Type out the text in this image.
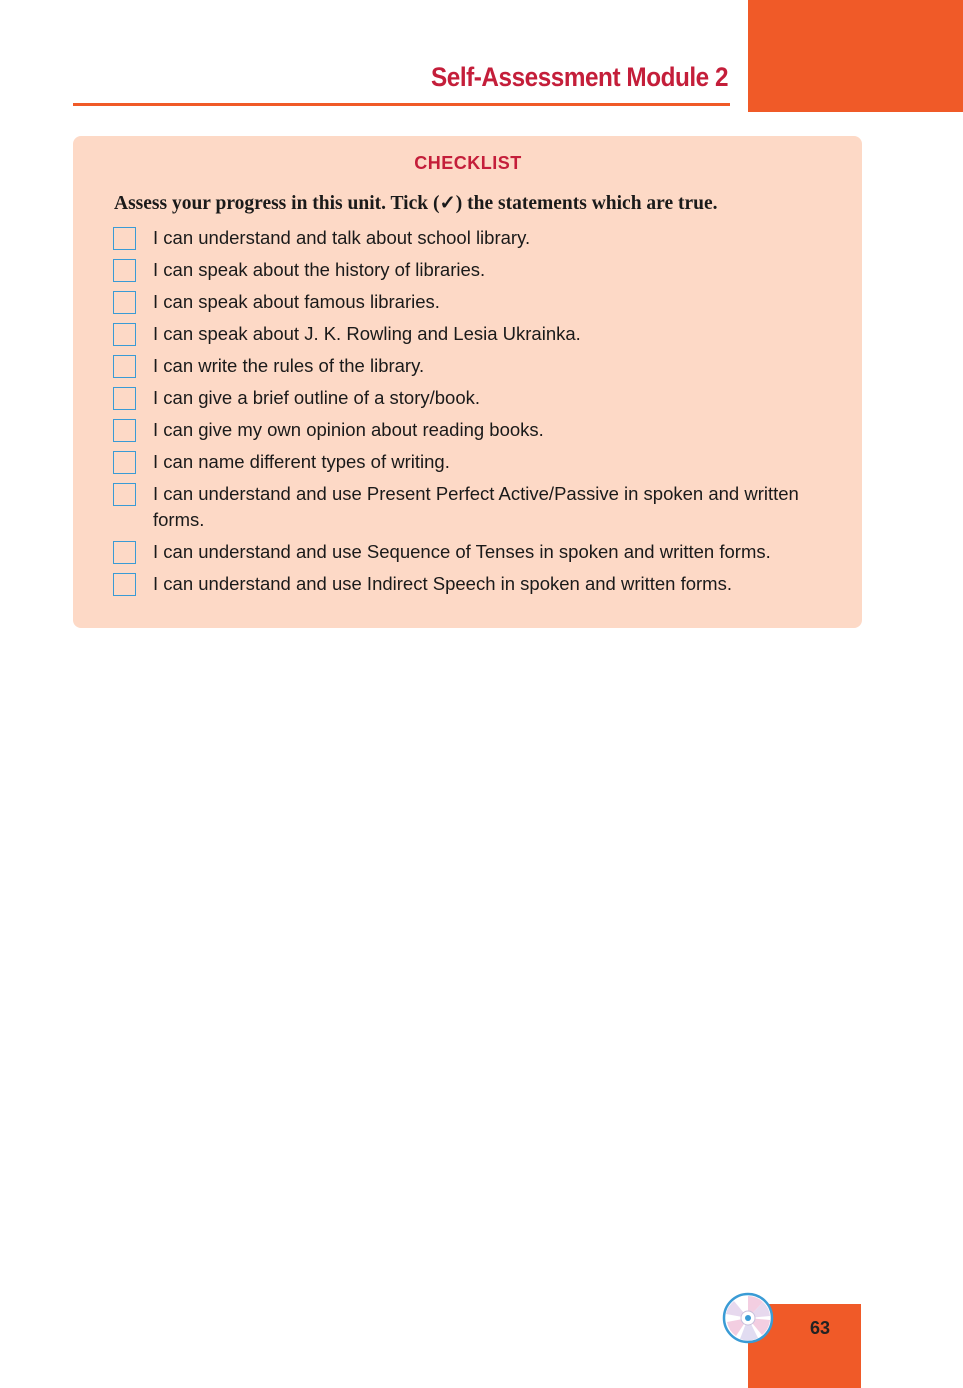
Self-Assessment Module 2
CHECKLIST
Assess your progress in this unit. Tick (✓) the statements which are true.
I can understand and talk about school library.
I can speak about the history of libraries.
I can speak about famous libraries.
I can speak about J. K. Rowling and Lesia Ukrainka.
I can write the rules of the library.
I can give a brief outline of a story/book.
I can give my own opinion about reading books.
I can name different types of writing.
I can understand and use Present Perfect Active/Passive in spoken and written forms.
I can understand and use Sequence of Tenses in spoken and written forms.
I can understand and use Indirect Speech in spoken and written forms.
63
